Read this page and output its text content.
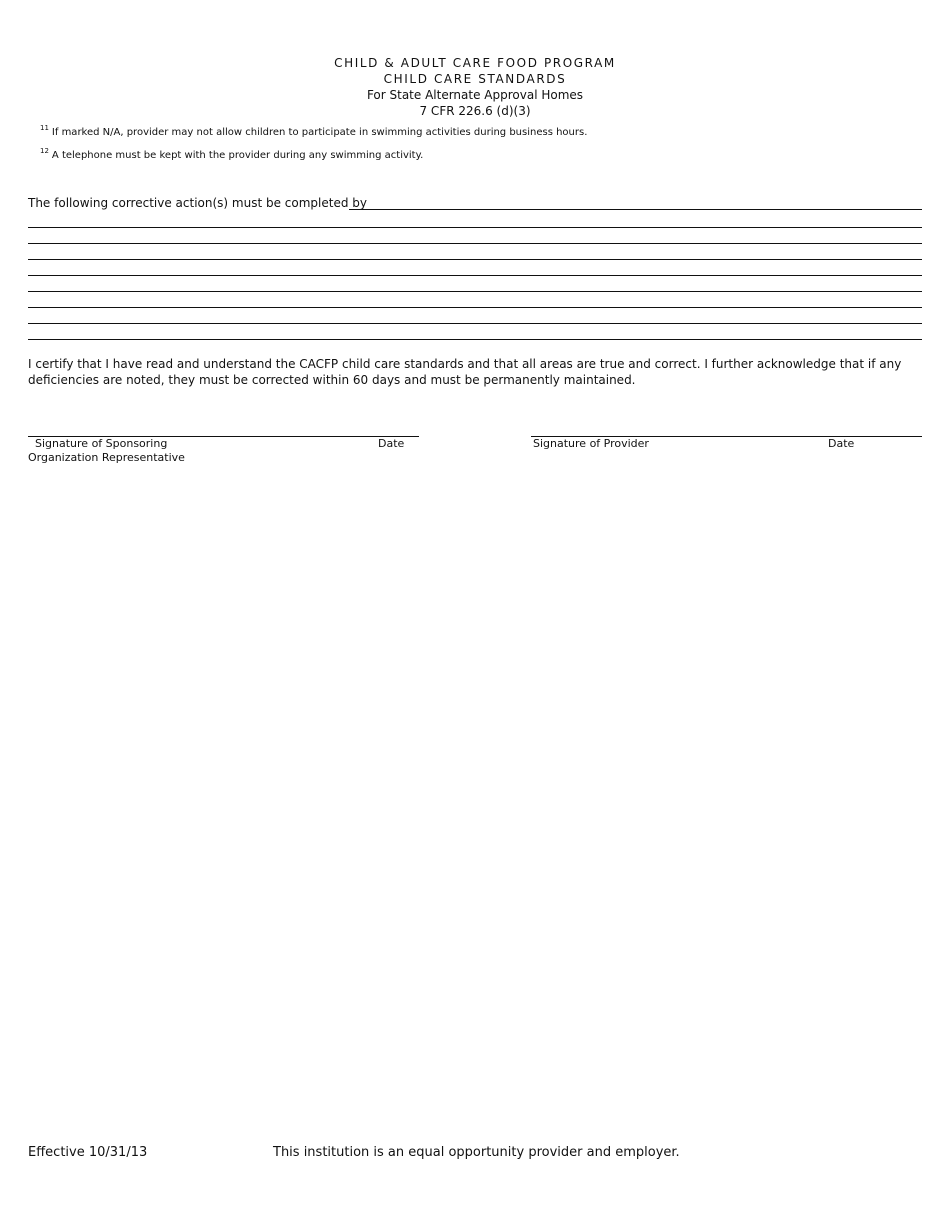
CHILD & ADULT CARE FOOD PROGRAM
CHILD CARE STANDARDS
For State Alternate Approval Homes
7 CFR 226.6 (d)(3)
$^{11}$ If marked N/A, provider may not allow children to participate in swimming activities during business hours.
$^{12}$ A telephone must be kept with the provider during any swimming activity.
The following corrective action(s) must be completed by
I certify that I have read and understand the CACFP child care standards and that all areas are true and correct. I further acknowledge that if any deficiencies are noted, they must be corrected within 60 days and must be permanently maintained.
Signature of Sponsoring
Organization Representative
Date	Signature of Provider	Date
Effective 10/31/13	This institution is an equal opportunity provider and employer.
